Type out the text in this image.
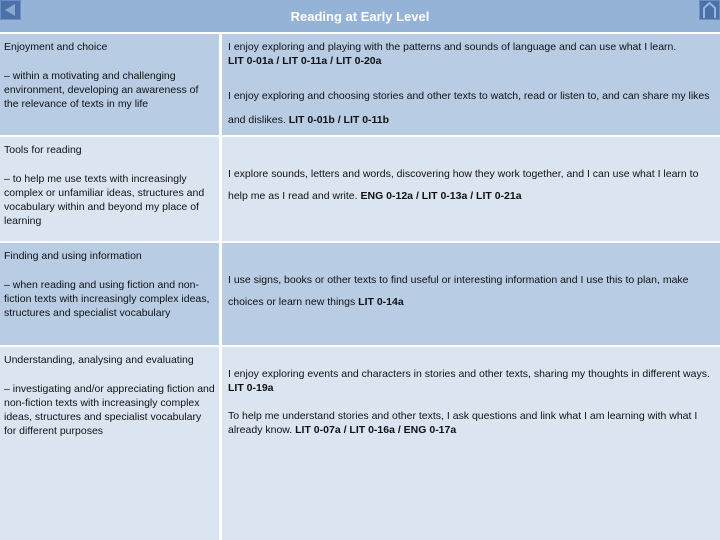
Reading at Early Level
Enjoyment and choice
– within a motivating and challenging environment, developing an awareness of the relevance of texts in my life

I enjoy exploring and playing with the patterns and sounds of language and can use what I learn.
LIT 0-01a / LIT 0-11a / LIT 0-20a

I enjoy exploring and choosing stories and other texts to watch, read or listen to, and can share my likes and dislikes. LIT 0-01b / LIT 0-11b

Tools for reading
– to help me use texts with increasingly complex or unfamiliar ideas, structures and vocabulary within and beyond my place of learning

I explore sounds, letters and words, discovering how they work together, and I can use what I learn to help me as I read and write. ENG 0-12a / LIT 0-13a / LIT 0-21a

Finding and using information
– when reading and using fiction and non-fiction texts with increasingly complex ideas, structures and specialist vocabulary

I use signs, books or other texts to find useful or interesting information and I use this to plan, make choices or learn new things LIT 0-14a

Understanding, analysing and evaluating
– investigating and/or appreciating fiction and non-fiction texts with increasingly complex ideas, structures and specialist vocabulary for different purposes

I enjoy exploring events and characters in stories and other texts, sharing my thoughts in different ways. LIT 0-19a

To help me understand stories and other texts, I ask questions and link what I am learning with what I already know. LIT 0-07a / LIT 0-16a / ENG 0-17a
